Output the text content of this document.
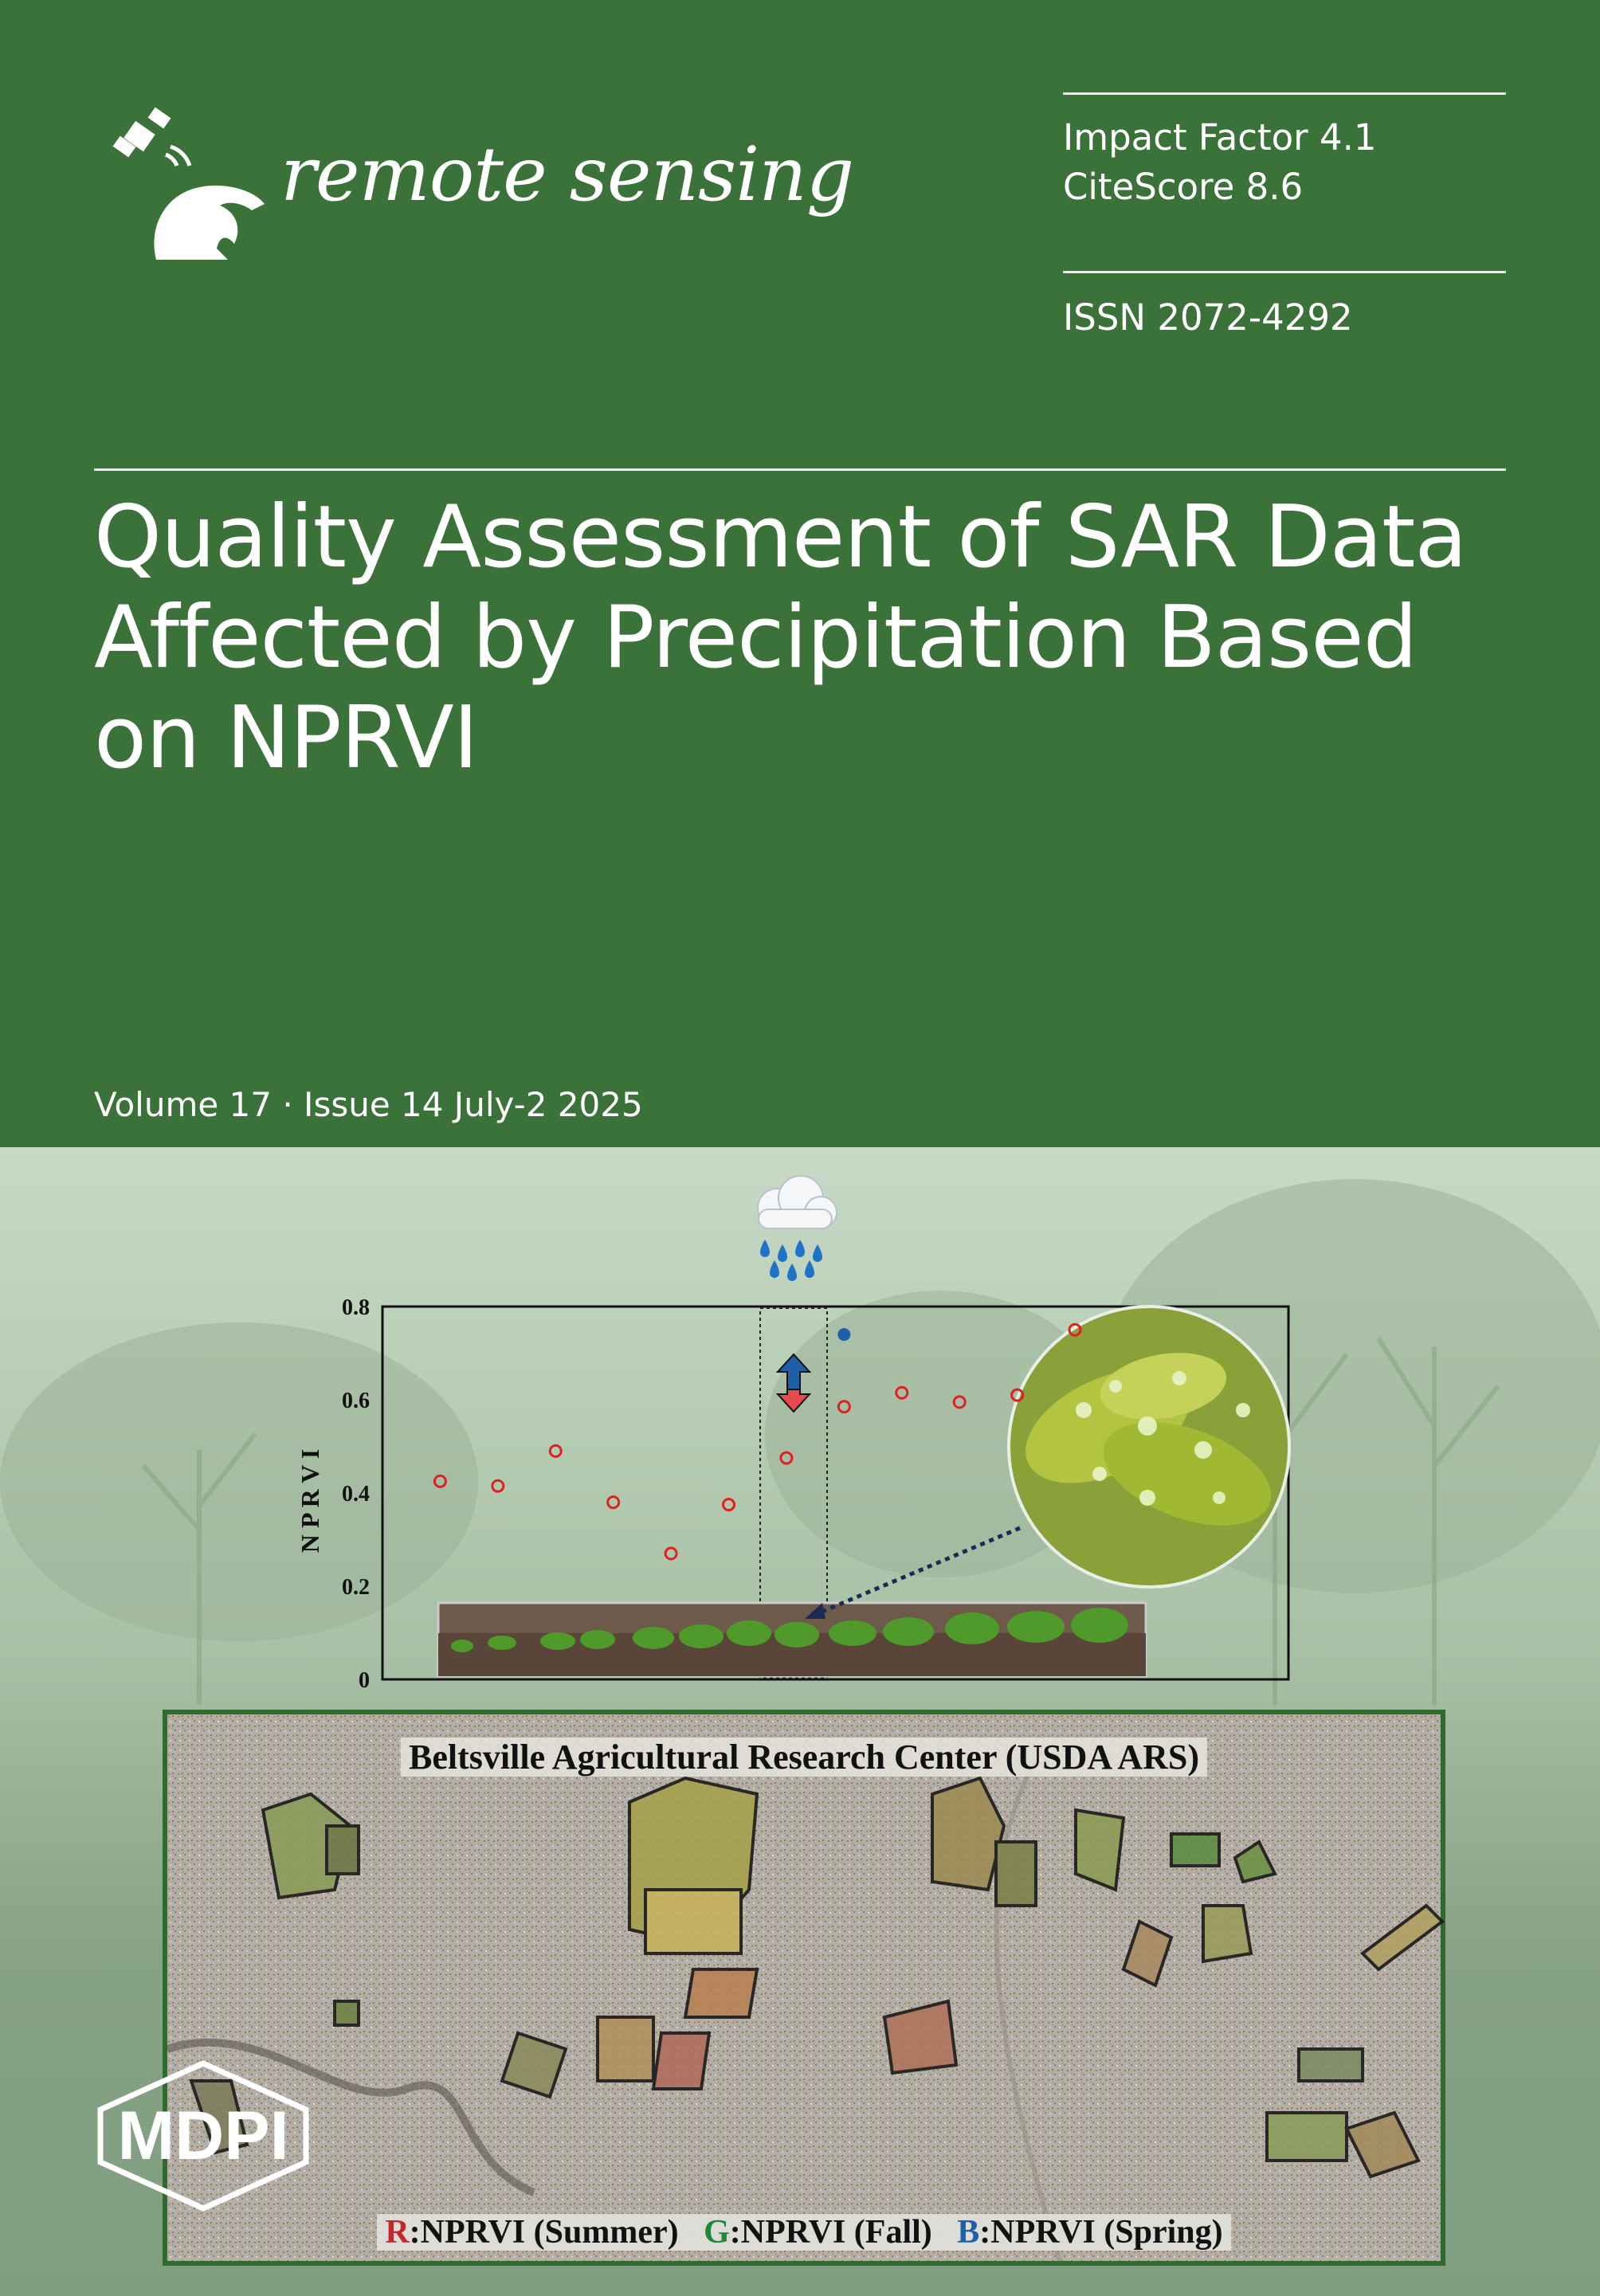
remote sensing	Impact Factor 4.1
CiteScore 8.6
ISSN 2072-4292
Quality Assessment of SAR Data
Affected by Precipitation Based
on NPRVI
Volume 17 · Issue 14 July-2 2025
N P R V I
0
0.2
0.4
0.6
0.8
Beltsville Agricultural Research Center (USDA ARS)
R:NPRVI (Summer) G:NPRVI (Fall) B:NPRVI (Spring)
MDPI
